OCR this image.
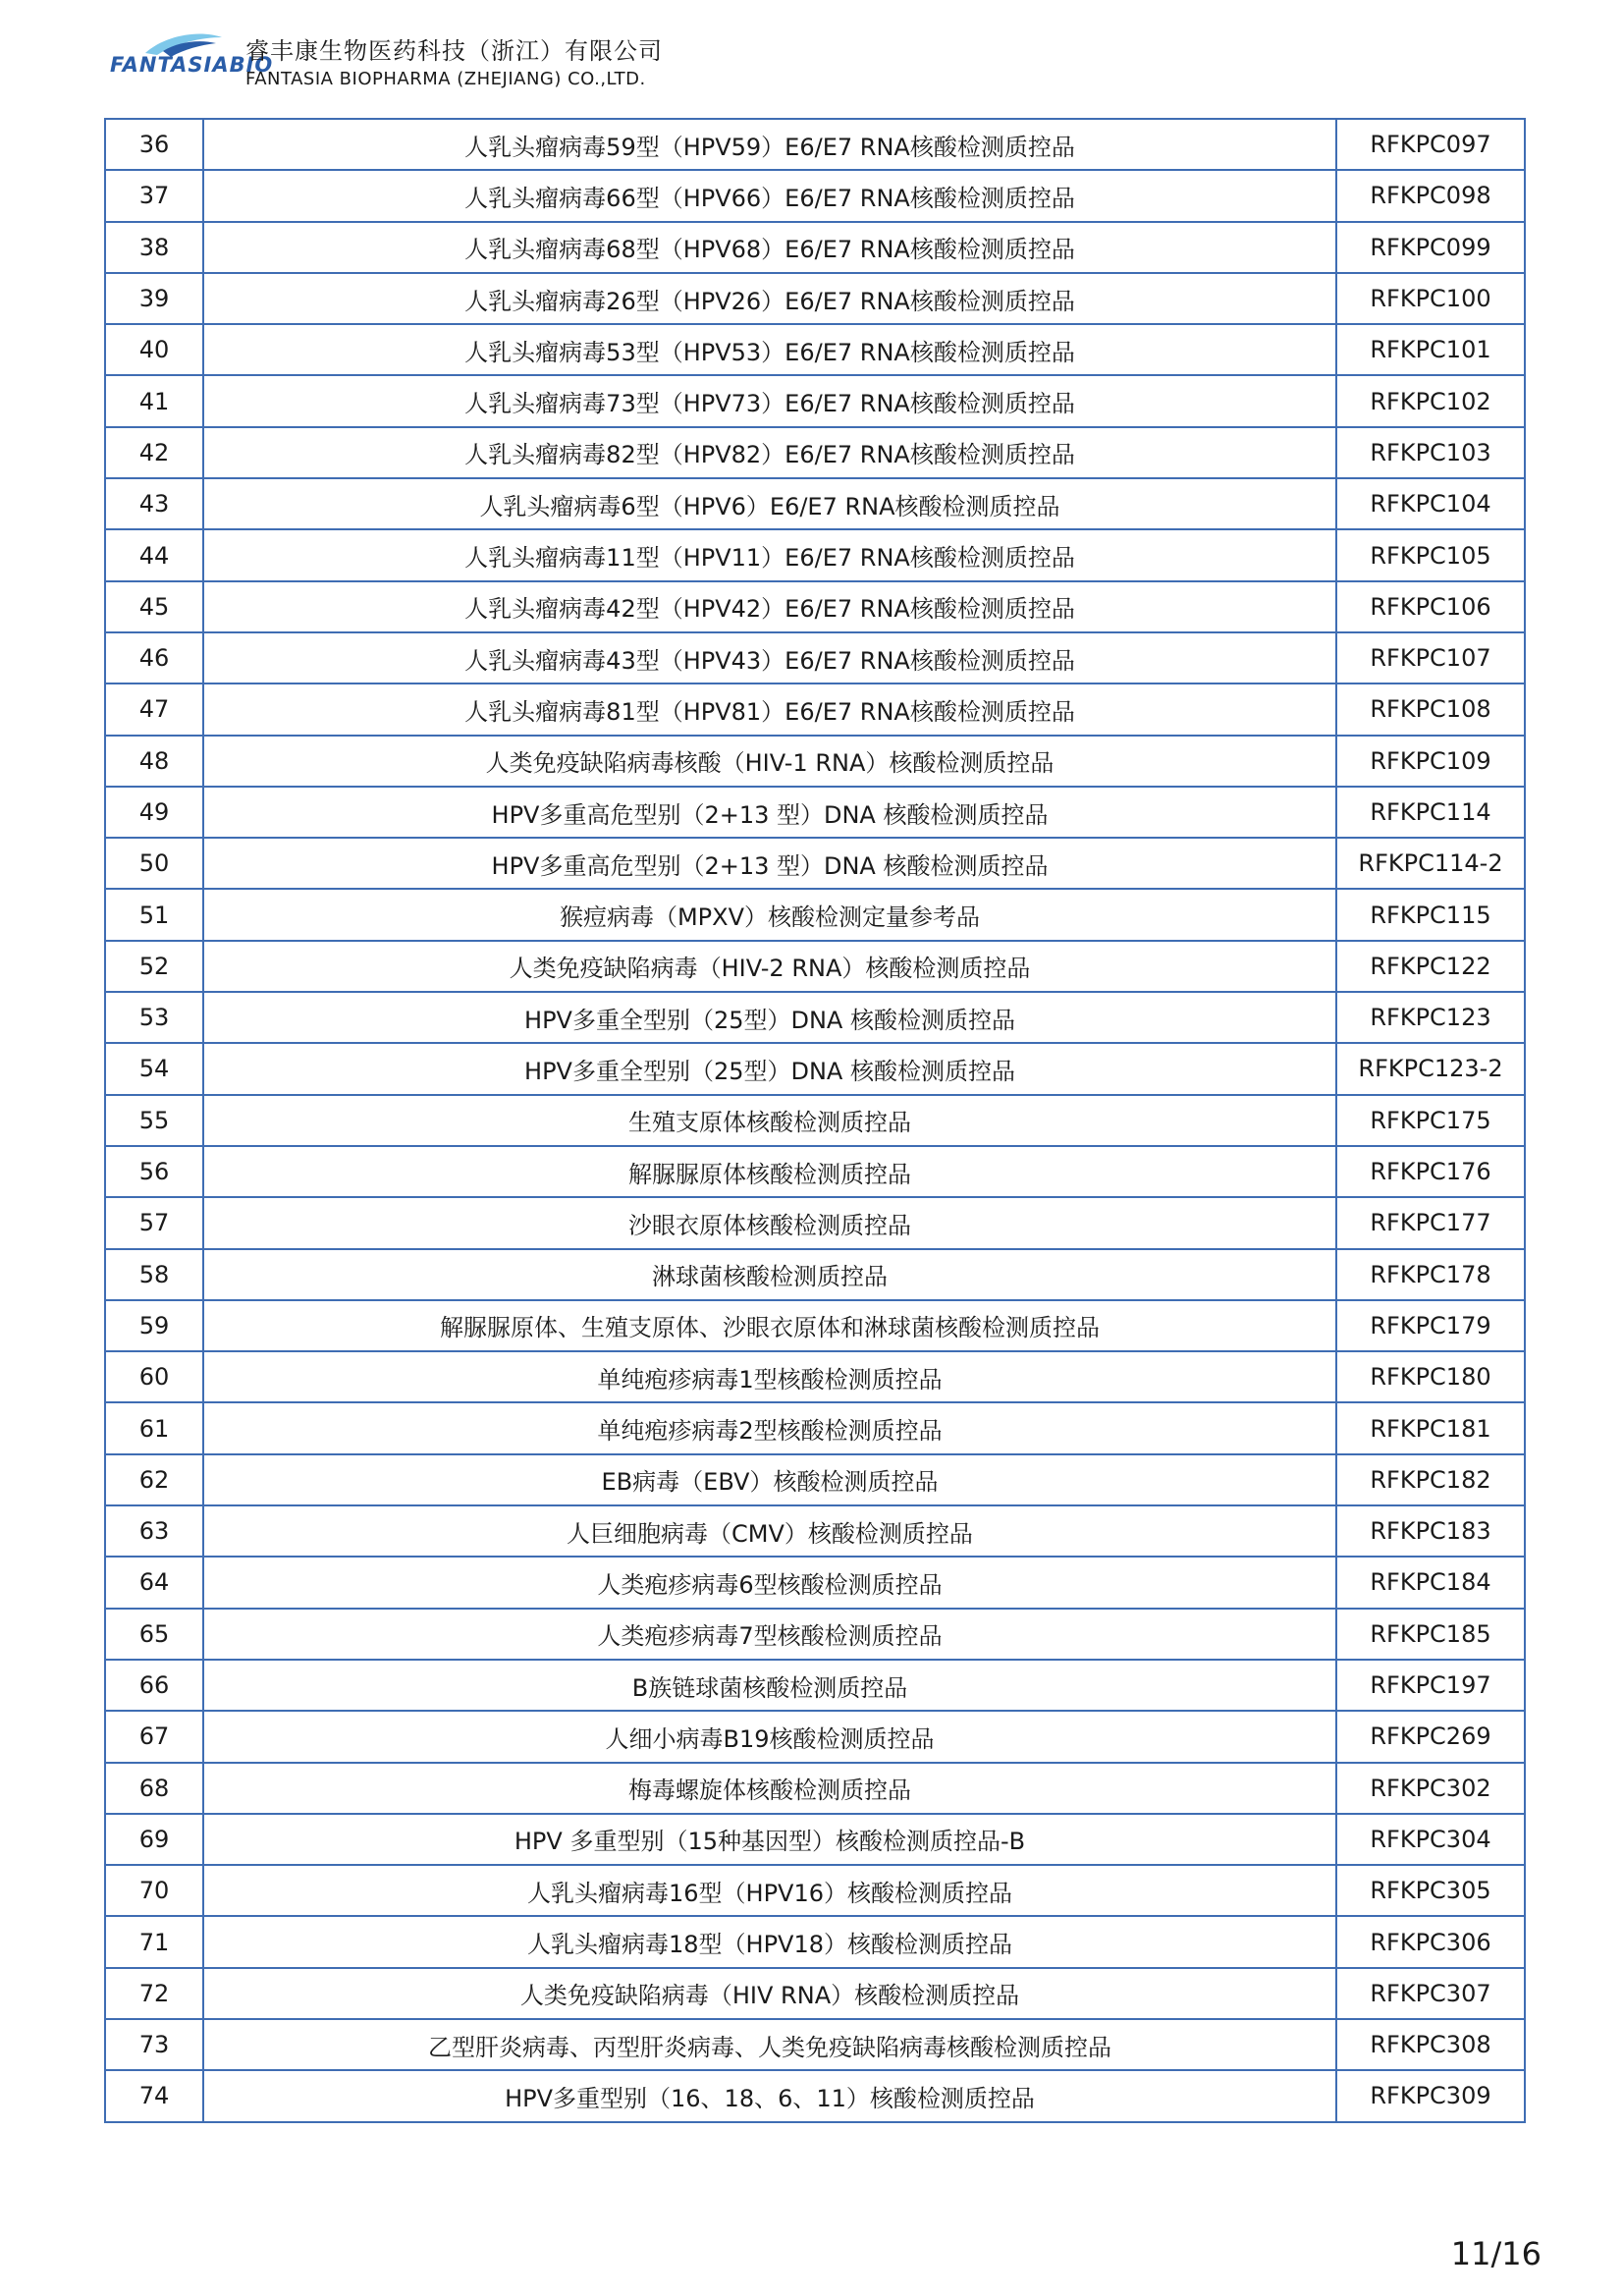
FANTASIABIO
睿丰康生物医药科技（浙江）有限公司
FANTASIA BIOPHARMA (ZHEJIANG) CO.,LTD.
36	人乳头瘤病毒59型（HPV59）E6/E7 RNA核酸检测质控品	RFKPC097
37	人乳头瘤病毒66型（HPV66）E6/E7 RNA核酸检测质控品	RFKPC098
38	人乳头瘤病毒68型（HPV68）E6/E7 RNA核酸检测质控品	RFKPC099
39	人乳头瘤病毒26型（HPV26）E6/E7 RNA核酸检测质控品	RFKPC100
40	人乳头瘤病毒53型（HPV53）E6/E7 RNA核酸检测质控品	RFKPC101
41	人乳头瘤病毒73型（HPV73）E6/E7 RNA核酸检测质控品	RFKPC102
42	人乳头瘤病毒82型（HPV82）E6/E7 RNA核酸检测质控品	RFKPC103
43	人乳头瘤病毒6型（HPV6）E6/E7 RNA核酸检测质控品	RFKPC104
44	人乳头瘤病毒11型（HPV11）E6/E7 RNA核酸检测质控品	RFKPC105
45	人乳头瘤病毒42型（HPV42）E6/E7 RNA核酸检测质控品	RFKPC106
46	人乳头瘤病毒43型（HPV43）E6/E7 RNA核酸检测质控品	RFKPC107
47	人乳头瘤病毒81型（HPV81）E6/E7 RNA核酸检测质控品	RFKPC108
48	人类免疫缺陷病毒核酸（HIV-1 RNA）核酸检测质控品	RFKPC109
49	HPV多重高危型别（2+13 型）DNA 核酸检测质控品	RFKPC114
50	HPV多重高危型别（2+13 型）DNA 核酸检测质控品	RFKPC114-2
51	猴痘病毒（MPXV）核酸检测定量参考品	RFKPC115
52	人类免疫缺陷病毒（HIV-2 RNA）核酸检测质控品	RFKPC122
53	HPV多重全型别（25型）DNA 核酸检测质控品	RFKPC123
54	HPV多重全型别（25型）DNA 核酸检测质控品	RFKPC123-2
55	生殖支原体核酸检测质控品	RFKPC175
56	解脲脲原体核酸检测质控品	RFKPC176
57	沙眼衣原体核酸检测质控品	RFKPC177
58	淋球菌核酸检测质控品	RFKPC178
59	解脲脲原体、生殖支原体、沙眼衣原体和淋球菌核酸检测质控品	RFKPC179
60	单纯疱疹病毒1型核酸检测质控品	RFKPC180
61	单纯疱疹病毒2型核酸检测质控品	RFKPC181
62	EB病毒（EBV）核酸检测质控品	RFKPC182
63	人巨细胞病毒（CMV）核酸检测质控品	RFKPC183
64	人类疱疹病毒6型核酸检测质控品	RFKPC184
65	人类疱疹病毒7型核酸检测质控品	RFKPC185
66	B族链球菌核酸检测质控品	RFKPC197
67	人细小病毒B19核酸检测质控品	RFKPC269
68	梅毒螺旋体核酸检测质控品	RFKPC302
69	HPV 多重型别（15种基因型）核酸检测质控品-B	RFKPC304
70	人乳头瘤病毒16型（HPV16）核酸检测质控品	RFKPC305
71	人乳头瘤病毒18型（HPV18）核酸检测质控品	RFKPC306
72	人类免疫缺陷病毒（HIV RNA）核酸检测质控品	RFKPC307
73	乙型肝炎病毒、丙型肝炎病毒、人类免疫缺陷病毒核酸检测质控品	RFKPC308
74	HPV多重型别（16、18、6、11）核酸检测质控品	RFKPC309
11/16
